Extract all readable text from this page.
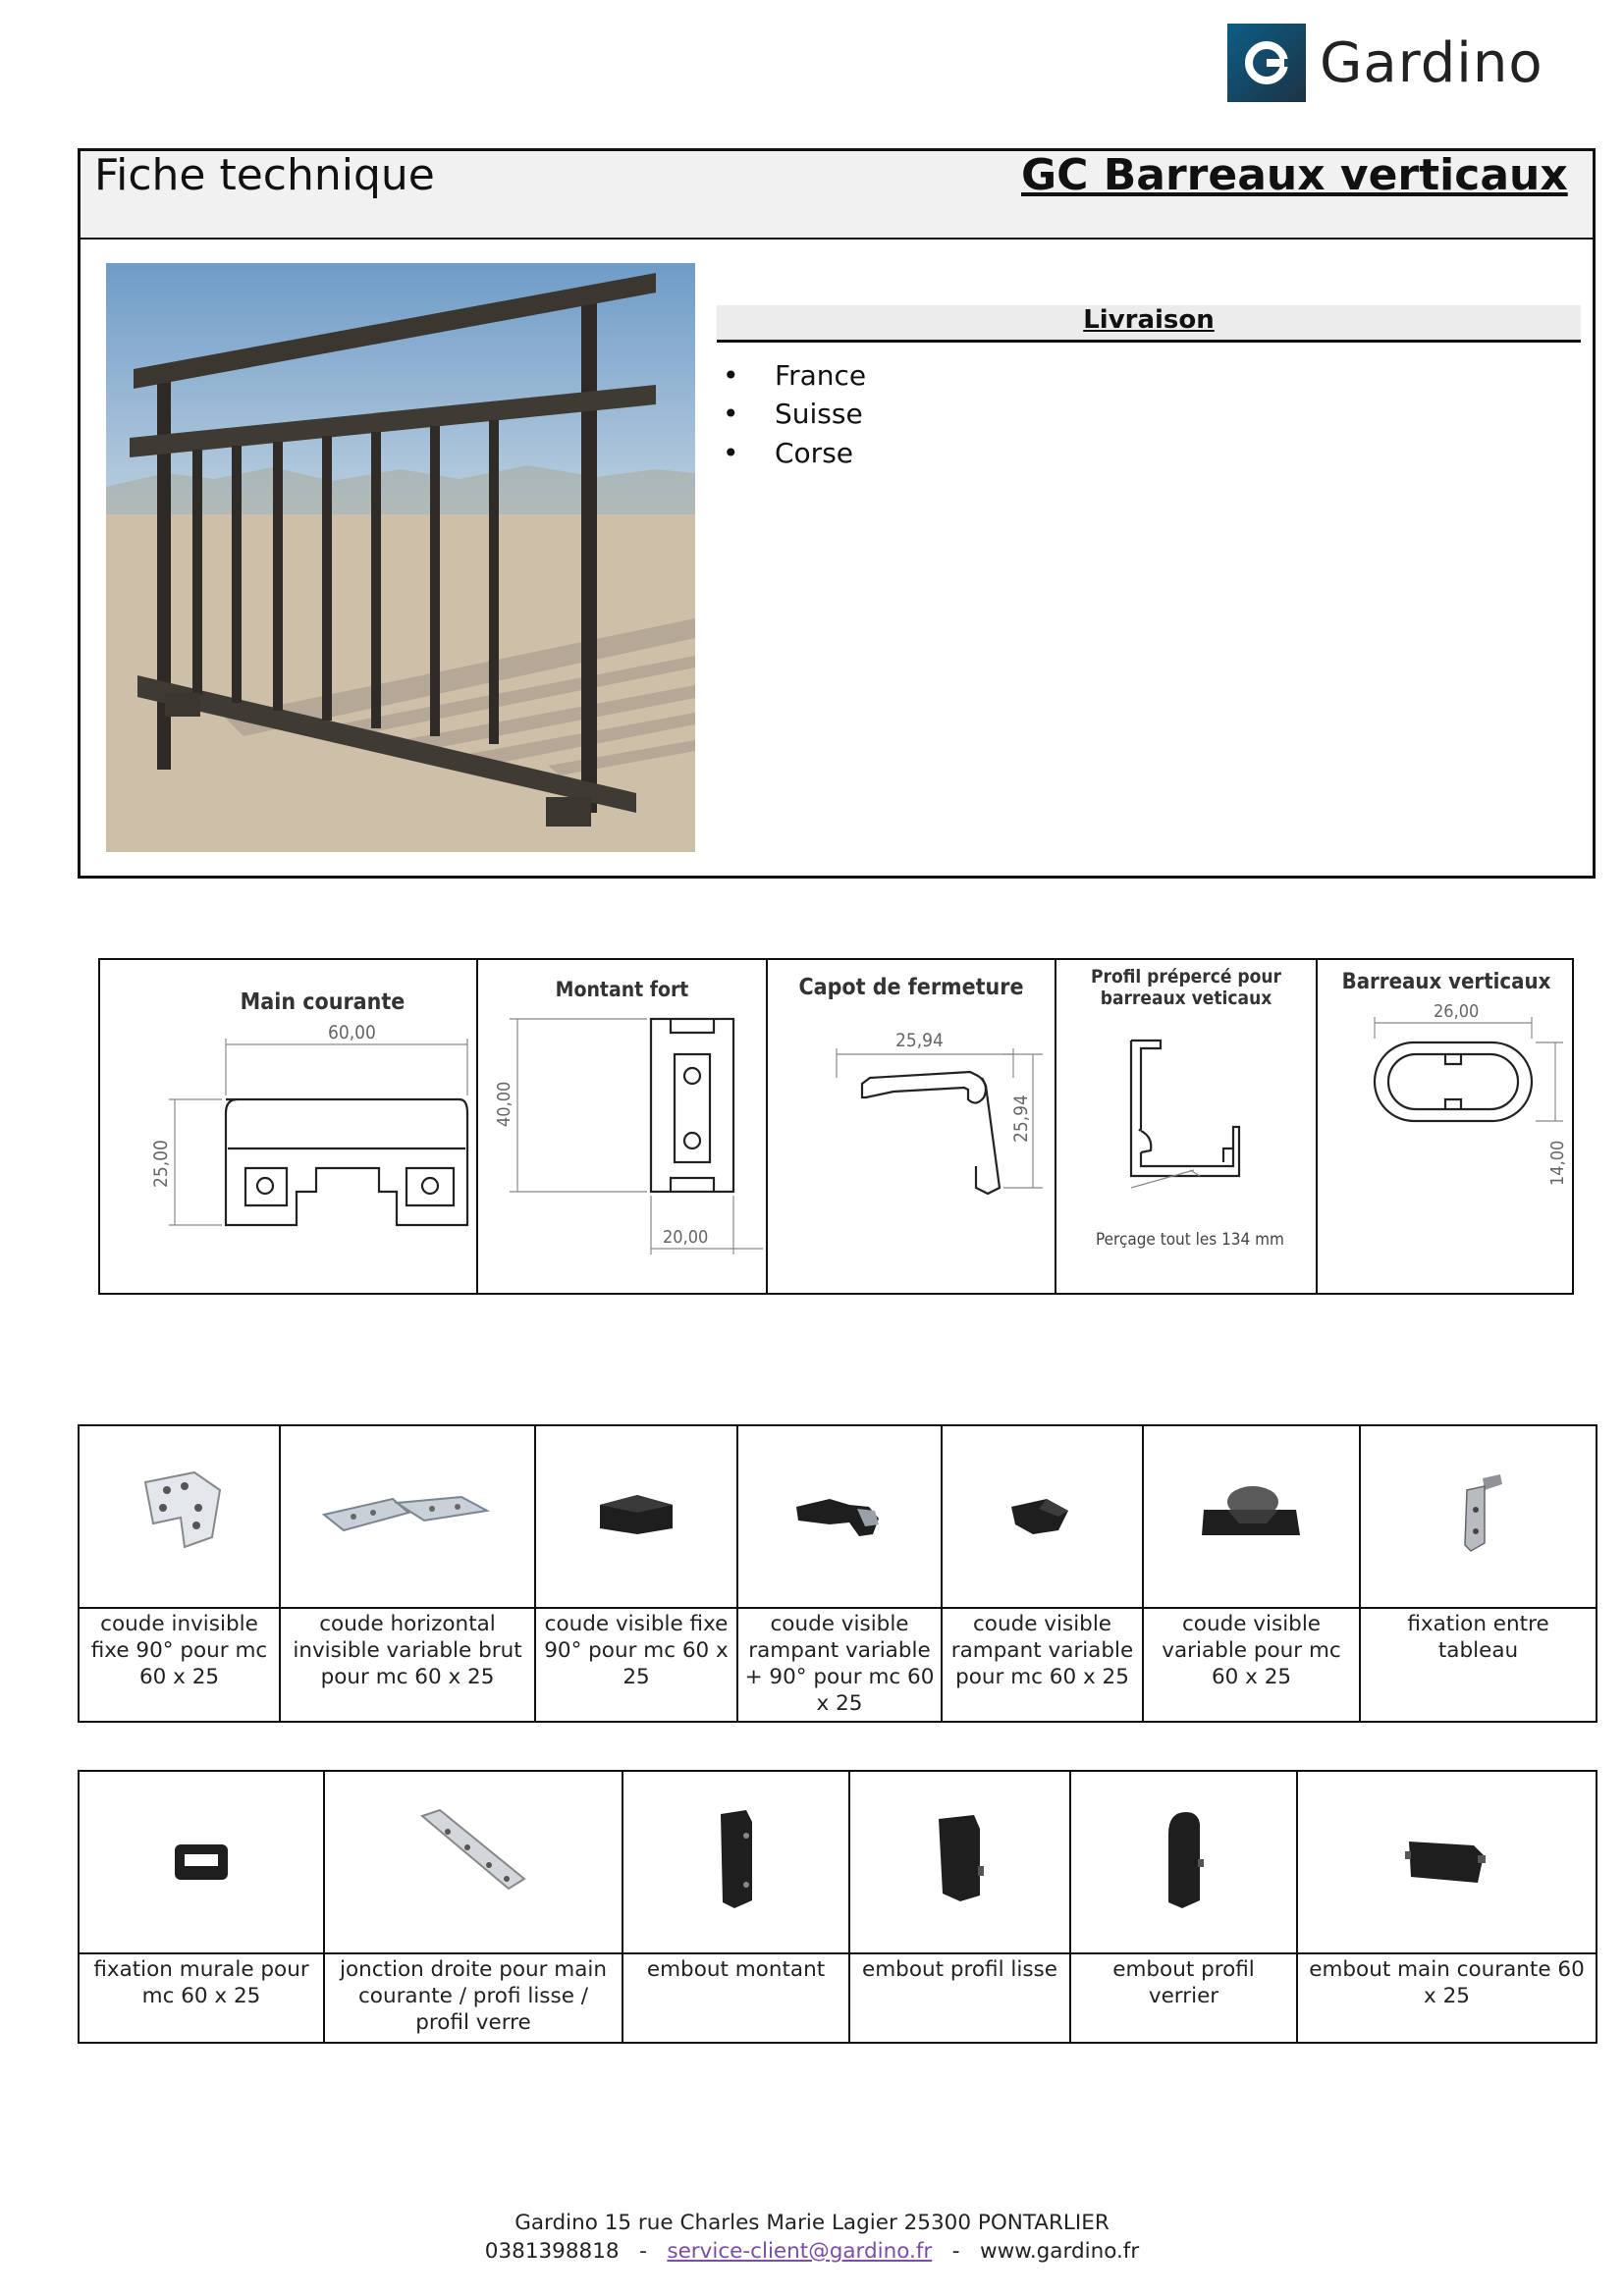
Gardino
Fiche technique	GC Barreaux verticaux
Livraison
• France
• Suisse
• Corse
Main courante
60,00
25,00
Montant fort
40,00
20,00
Capot de fermeture
25,94
25,94
Profil prépercé pour
barreaux veticaux
Perçage tout les 134 mm
Barreaux verticaux
26,00
14,00

coude invisible fixe 90° pour mc 60 x 25	coude horizontal invisible variable brut pour mc 60 x 25	coude visible fixe 90° pour mc 60 x 25	coude visible rampant variable + 90° pour mc 60 x 25	coude visible rampant variable pour mc 60 x 25	coude visible variable pour mc 60 x 25	fixation entre tableau

fixation murale pour mc 60 x 25	jonction droite pour main courante / profi lisse / profil verre	embout montant	embout profil lisse	embout profil verrier	embout main courante 60 x 25
Gardino 15 rue Charles Marie Lagier 25300 PONTARLIER
0381398818 - service-client@gardino.fr - www.gardino.fr
